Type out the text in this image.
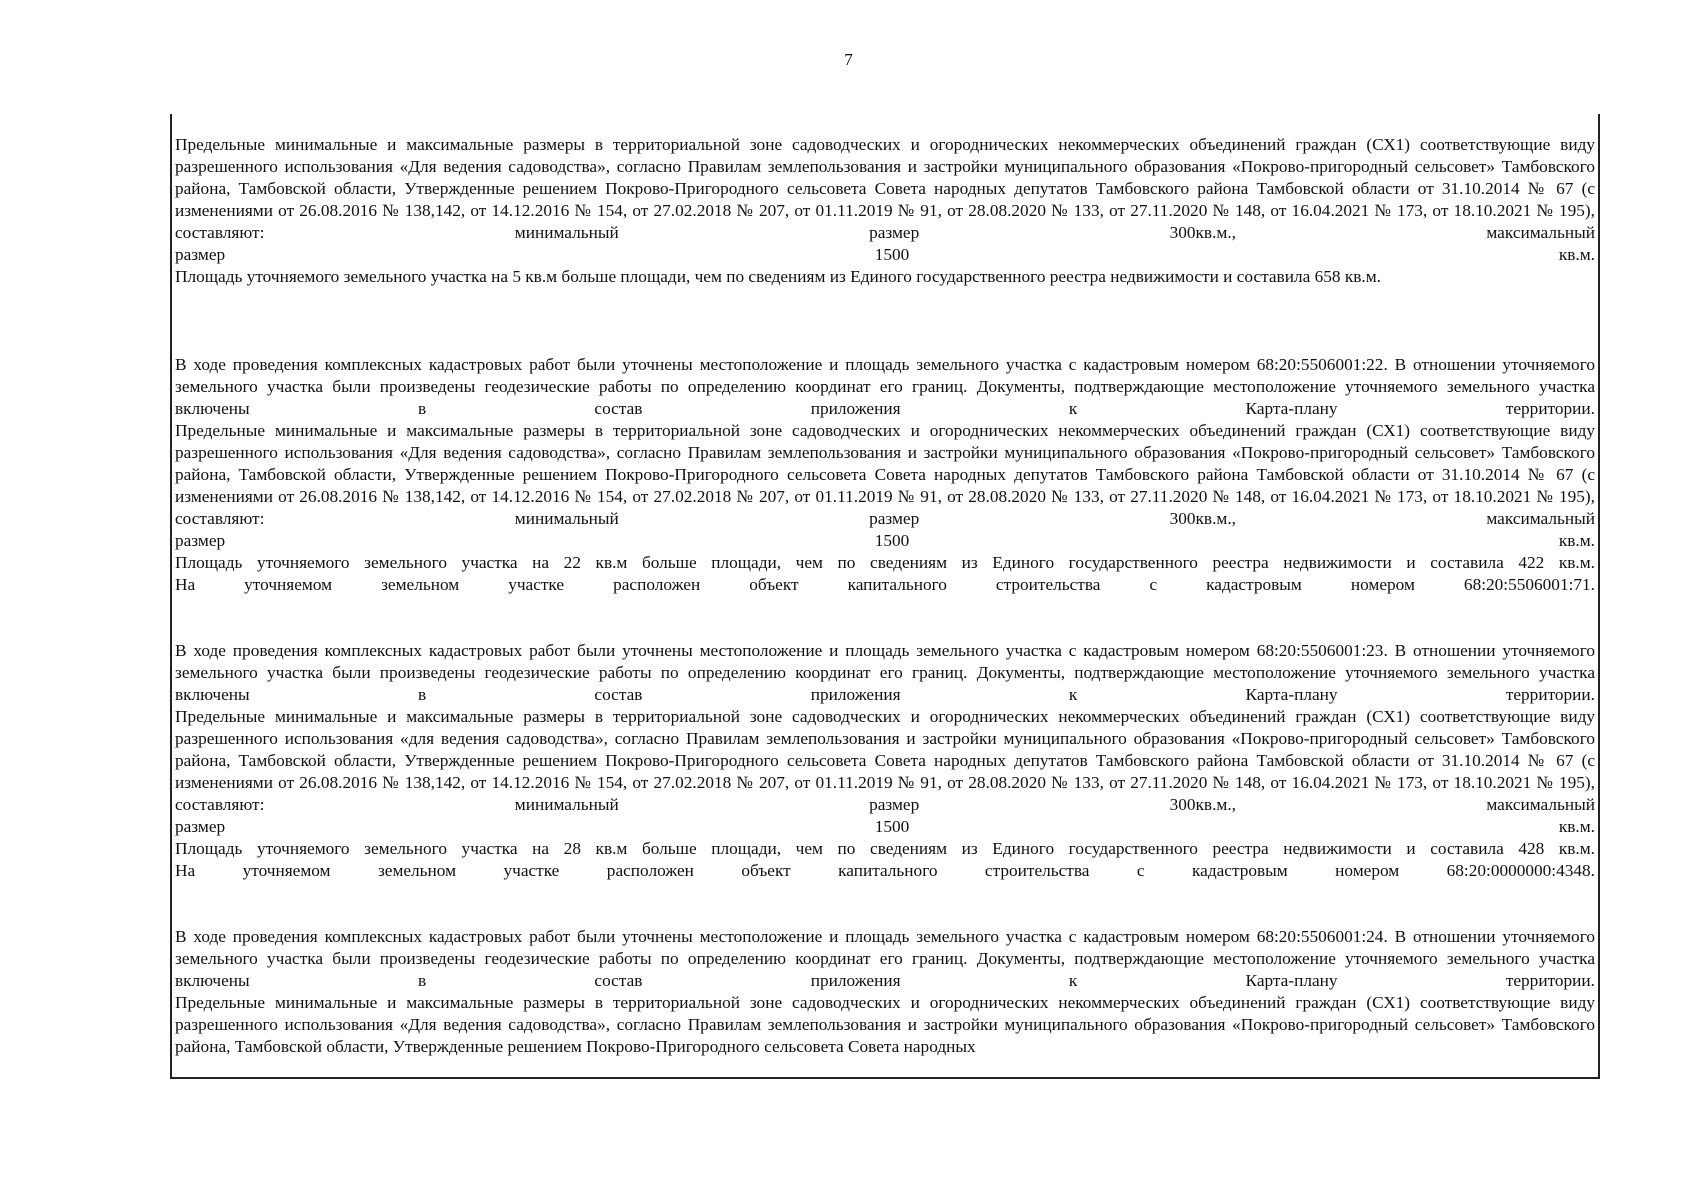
7

Предельные минимальные и максимальные размеры в территориальной зоне садоводческих и огороднических некоммерческих объединений граждан (СХ1) соответствующие виду разрешенного использования «Для ведения садоводства», согласно Правилам землепользования и застройки муниципального образования «Покрово-пригородный сельсовет» Тамбовского района, Тамбовской области, Утвержденные решением Покрово-Пригородного сельсовета Совета народных депутатов Тамбовского района Тамбовской области от 31.10.2014 № 67 (с изменениями от 26.08.2016 № 138,142, от 14.12.2016 № 154, от 27.02.2018 № 207, от 01.11.2019 № 91, от 28.08.2020 № 133, от 27.11.2020 № 148, от 16.04.2021 № 173, от 18.10.2021 № 195), составляют: минимальный размер 300кв.м., максимальный

размер	1500	кв.м.

Площадь уточняемого земельного участка на 5 кв.м больше площади, чем по сведениям из Единого государственного реестра недвижимости и составила 658 кв.м.

В ходе проведения комплексных кадастровых работ были уточнены местоположение и площадь земельного участка с кадастровым номером 68:20:5506001:22. В отношении уточняемого земельного участка были произведены геодезические работы по определению координат его границ. Документы, подтверждающие местоположение уточняемого земельного участка включены в состав приложения к Карта-плану территории.

Предельные минимальные и максимальные размеры в территориальной зоне садоводческих и огороднических некоммерческих объединений граждан (СХ1) соответствующие виду разрешенного использования «Для ведения садоводства», согласно Правилам землепользования и застройки муниципального образования «Покрово-пригородный сельсовет» Тамбовского района, Тамбовской области, Утвержденные решением Покрово-Пригородного сельсовета Совета народных депутатов Тамбовского района Тамбовской области от 31.10.2014 № 67 (с изменениями от 26.08.2016 № 138,142, от 14.12.2016 № 154, от 27.02.2018 № 207, от 01.11.2019 № 91, от 28.08.2020 № 133, от 27.11.2020 № 148, от 16.04.2021 № 173, от 18.10.2021 № 195), составляют: минимальный размер 300кв.м., максимальный

размер	1500	кв.м.

Площадь уточняемого земельного участка на 22 кв.м больше площади, чем по сведениям из Единого государственного реестра недвижимости и составила 422 кв.м.

На уточняемом земельном участке расположен объект капитального строительства с кадастровым номером 68:20:5506001:71.

В ходе проведения комплексных кадастровых работ были уточнены местоположение и площадь земельного участка с кадастровым номером 68:20:5506001:23. В отношении уточняемого земельного участка были произведены геодезические работы по определению координат его границ. Документы, подтверждающие местоположение уточняемого земельного участка включены в состав приложения к Карта-плану территории.

Предельные минимальные и максимальные размеры в территориальной зоне садоводческих и огороднических некоммерческих объединений граждан (СХ1) соответствующие виду разрешенного использования «для ведения садоводства», согласно Правилам землепользования и застройки муниципального образования «Покрово-пригородный сельсовет» Тамбовского района, Тамбовской области, Утвержденные решением Покрово-Пригородного сельсовета Совета народных депутатов Тамбовского района Тамбовской области от 31.10.2014 № 67 (с изменениями от 26.08.2016 № 138,142, от 14.12.2016 № 154, от 27.02.2018 № 207, от 01.11.2019 № 91, от 28.08.2020 № 133, от 27.11.2020 № 148, от 16.04.2021 № 173, от 18.10.2021 № 195), составляют: минимальный размер 300кв.м., максимальный

размер	1500	кв.м.

Площадь уточняемого земельного участка на 28 кв.м больше площади, чем по сведениям из Единого государственного реестра недвижимости и составила 428 кв.м.

На уточняемом земельном участке расположен объект капитального строительства с кадастровым номером 68:20:0000000:4348.

В ходе проведения комплексных кадастровых работ были уточнены местоположение и площадь земельного участка с кадастровым номером 68:20:5506001:24. В отношении уточняемого земельного участка были произведены геодезические работы по определению координат его границ. Документы, подтверждающие местоположение уточняемого земельного участка включены в состав приложения к Карта-плану территории.

Предельные минимальные и максимальные размеры в территориальной зоне садоводческих и огороднических некоммерческих объединений граждан (СХ1) соответствующие виду разрешенного использования «Для ведения садоводства», согласно Правилам землепользования и застройки муниципального образования «Покрово-пригородный сельсовет» Тамбовского района, Тамбовской области, Утвержденные решением Покрово-Пригородного сельсовета Совета народных
